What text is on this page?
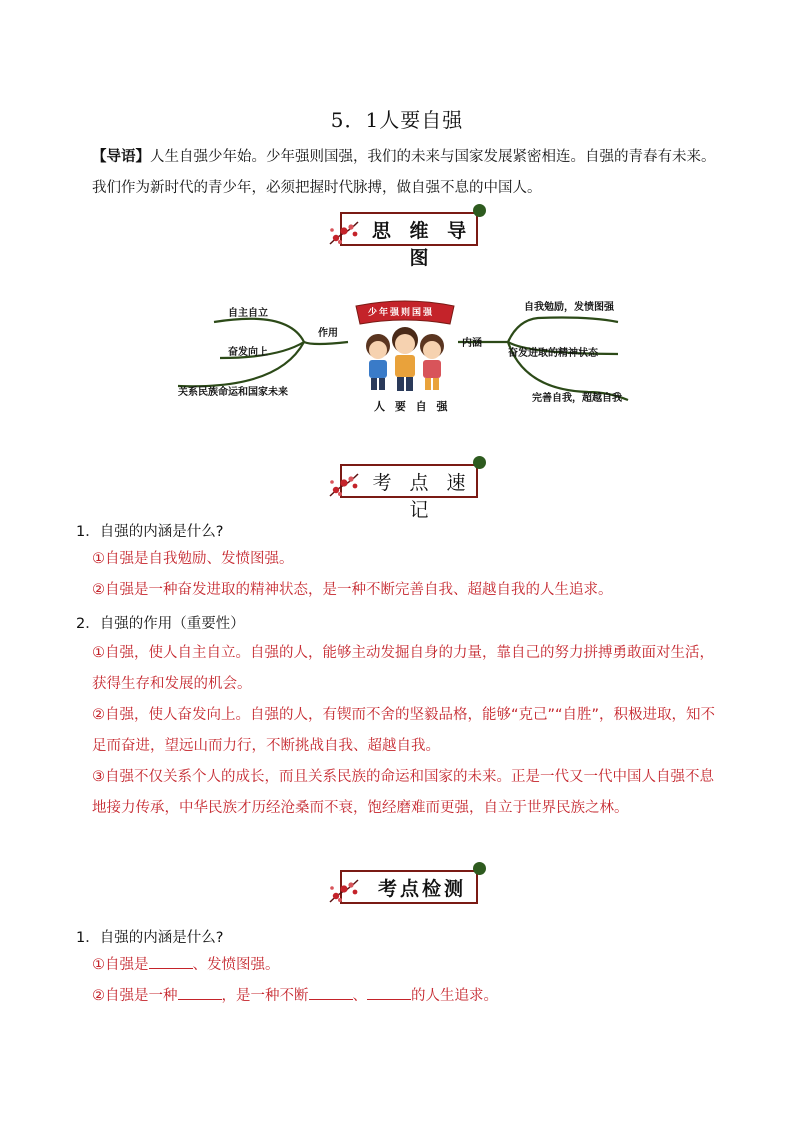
5．1人要自强
【导语】人生自强少年始。少年强则国强，我们的未来与国家发展紧密相连。自强的青春有未来。我们作为新时代的青少年，必须把握时代脉搏，做自强不息的中国人。
思 维 导 图
自主自立
奋发向上
关系民族命运和国家未来
作用
内涵
自我勉励，发愤图强
奋发进取的精神状态
完善自我，超越自我
少年强则国强
人 要 自 强
考 点 速 记
1．自强的内涵是什么?
①自强是自我勉励、发愤图强。
②自强是一种奋发进取的精神状态，是一种不断完善自我、超越自我的人生追求。
2．自强的作用（重要性）
①自强，使人自主自立。自强的人，能够主动发掘自身的力量，靠自己的努力拼搏勇敢面对生活，获得生存和发展的机会。
②自强，使人奋发向上。自强的人，有锲而不舍的坚毅品格，能够“克己”“自胜”，积极进取，知不足而奋进，望远山而力行，不断挑战自我、超越自我。
③自强不仅关系个人的成长，而且关系民族的命运和国家的未来。正是一代又一代中国人自强不息地接力传承，中华民族才历经沧桑而不衰，饱经磨难而更强，自立于世界民族之林。
考点检测
1．自强的内涵是什么?
①自强是	、发愤图强。
②自强是一种	，是一种不断	、	的人生追求。
